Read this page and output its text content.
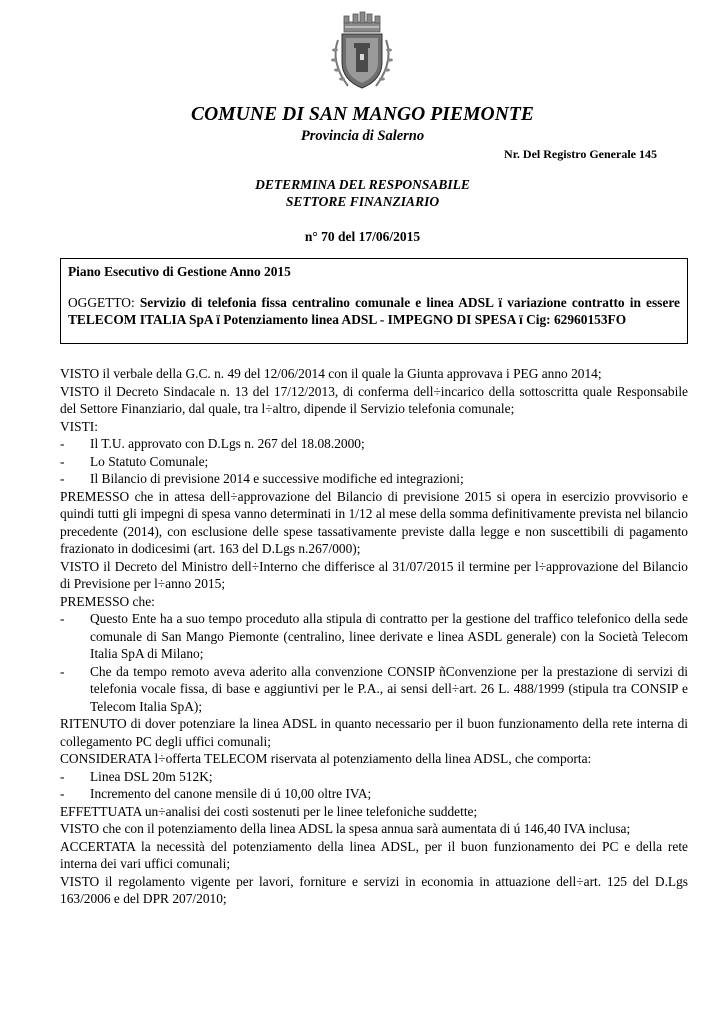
COMUNE DI SAN MANGO PIEMONTE
Provincia di Salerno
Nr. Del Registro Generale 145
DETERMINA DEL RESPONSABILE
SETTORE FINANZIARIO
n° 70 del 17/06/2015
Piano Esecutivo di Gestione Anno 2015
OGGETTO: Servizio di telefonia fissa centralino comunale e linea ADSL ï variazione contratto in essere TELECOM ITALIA SpA ï Potenziamento linea ADSL - IMPEGNO DI SPESA ï Cig: 62960153FO

VISTO il verbale della G.C. n. 49 del 12/06/2014 con il quale la Giunta approvava i PEG anno 2014;

VISTO il Decreto Sindacale n. 13 del 17/12/2013, di conferma dell÷incarico della sottoscritta quale Responsabile del Settore Finanziario, dal quale, tra l÷altro, dipende il Servizio telefonia comunale;

VISTI:

- Il T.U. approvato con D.Lgs n. 267 del 18.08.2000;

- Lo Statuto Comunale;

- Il Bilancio di previsione 2014 e successive modifiche ed integrazioni;

PREMESSO che in attesa dell÷approvazione del Bilancio di previsione 2015 si opera in esercizio provvisorio e quindi tutti gli impegni di spesa vanno determinati in 1/12 al mese della somma definitivamente prevista nel bilancio precedente (2014), con esclusione delle spese tassativamente previste dalla legge e non suscettibili di pagamento frazionato in dodicesimi (art. 163 del D.Lgs n.267/000);

VISTO il Decreto del Ministro dell÷Interno che differisce al 31/07/2015 il termine per l÷approvazione del Bilancio di Previsione per l÷anno 2015;

PREMESSO che:

- Questo Ente ha a suo tempo proceduto alla stipula di contratto per la gestione del traffico telefonico della sede comunale di San Mango Piemonte (centralino, linee derivate e linea ASDL generale) con la Società Telecom Italia SpA di Milano;

- Che da tempo remoto aveva aderito alla convenzione CONSIP ñConvenzione per la prestazione di servizi di telefonia vocale fissa, di base e aggiuntivi per le P.A., ai sensi dell÷art. 26 L. 488/1999 (stipula tra CONSIP e Telecom Italia SpA);

RITENUTO di dover potenziare la linea ADSL in quanto necessario per il buon funzionamento della rete interna di collegamento PC degli uffici comunali;

CONSIDERATA l÷offerta TELECOM riservata al potenziamento della linea ADSL, che comporta:

- Linea DSL 20m 512K;

- Incremento del canone mensile di ú 10,00 oltre IVA;

EFFETTUATA un÷analisi dei costi sostenuti per le linee telefoniche suddette;

VISTO che con il potenziamento della linea ADSL la spesa annua sarà aumentata di ú 146,40 IVA inclusa;

ACCERTATA la necessità del potenziamento della linea ADSL, per il buon funzionamento dei PC e della rete interna dei vari uffici comunali;

VISTO il regolamento vigente per lavori, forniture e servizi in economia in attuazione dell÷art. 125 del D.Lgs 163/2006 e del DPR 207/2010;
